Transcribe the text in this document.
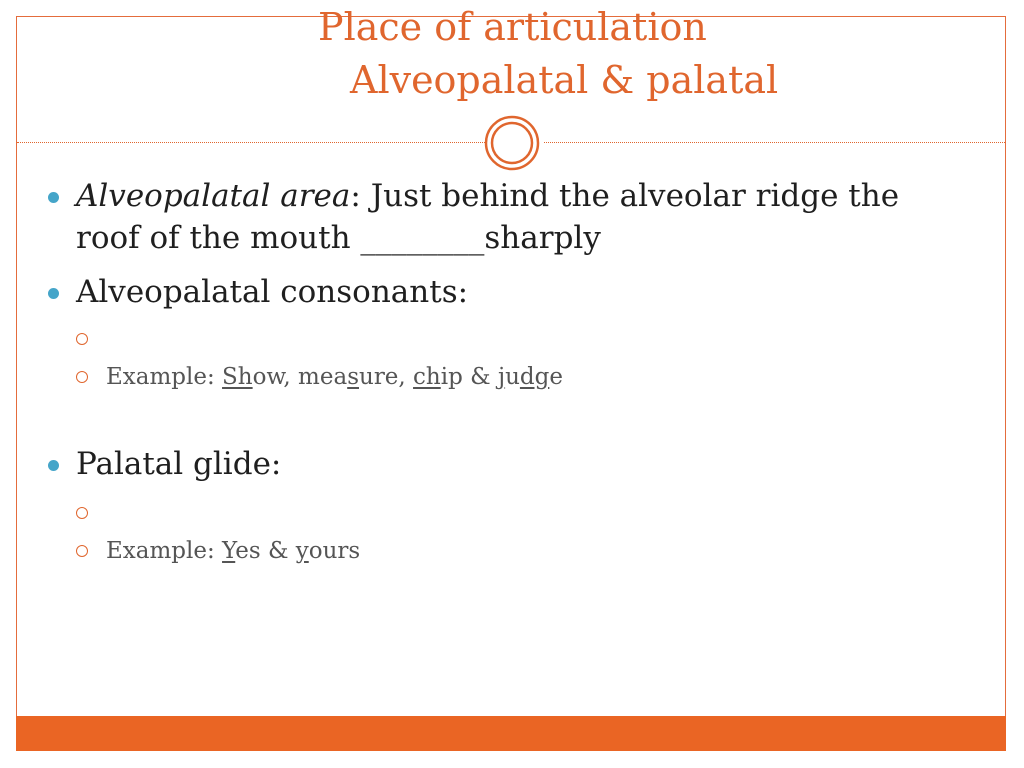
Place of articulation
Alveopalatal & palatal
Alveopalatal area: Just behind the alveolar ridge the
roof of the mouth ________sharply
Alveopalatal consonants:
Example: Show, measure, chip & judge
Palatal glide:
Example: Yes & yours
